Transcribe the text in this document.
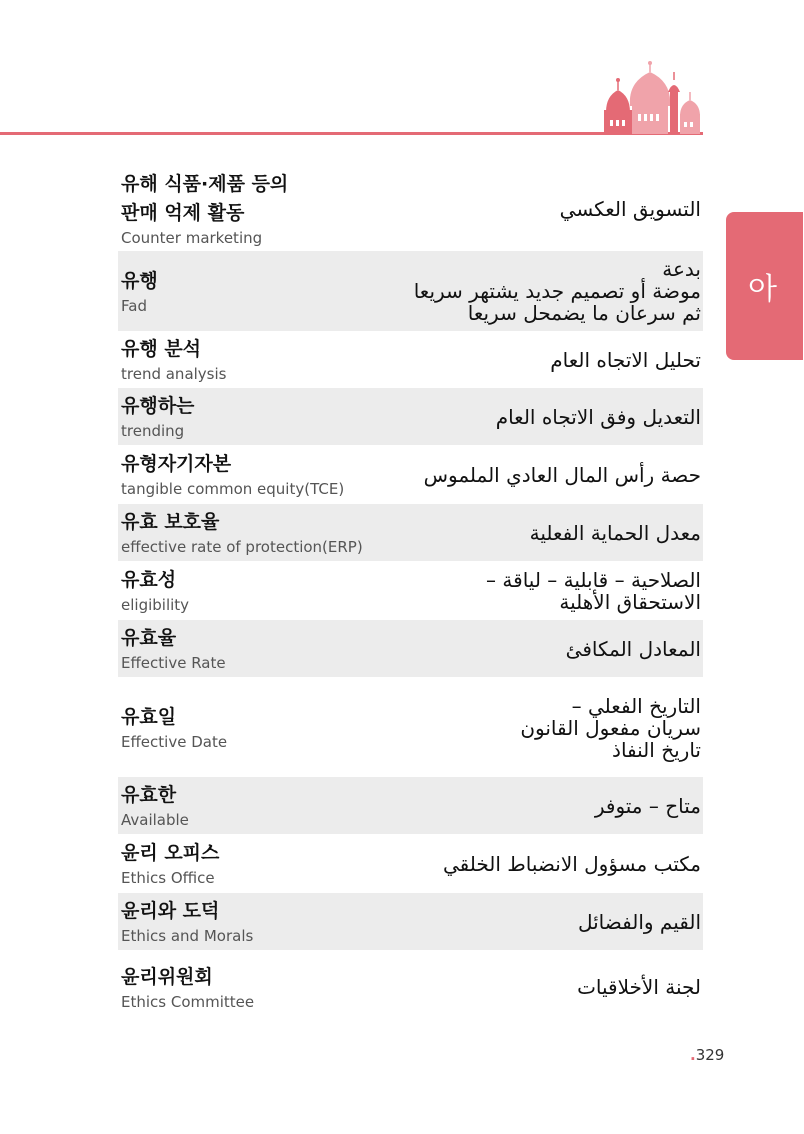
아
유해 식품·제품 등의
판매 억제 활동
Counter marketing
التسويق العكسي
유행
Fad
بدعة
موضة أو تصميم جديد يشتهر سريعا
ثم سرعان ما يضمحل سريعا
유행 분석
trend analysis
تحليل الاتجاه العام
유행하는
trending
التعديل وفق الاتجاه العام
유형자기자본
tangible common equity(TCE)
حصة رأس المال العادي الملموس
유효 보호율
effective rate of protection(ERP)
معدل الحماية الفعلية
유효성
eligibility
الصلاحية – قابلية – لياقة –
الاستحقاق الأهلية
유효율
Effective Rate
المعادل المكافئ
유효일
Effective Date
التاريخ الفعلي –
سريان مفعول القانون
تاريخ النفاذ
유효한
Available
متاح – متوفر
윤리 오피스
Ethics Office
مكتب مسؤول الانضباط الخلقي
윤리와 도덕
Ethics and Morals
القيم والفضائل
윤리위원회
Ethics Committee
لجنة الأخلاقيات
.329
